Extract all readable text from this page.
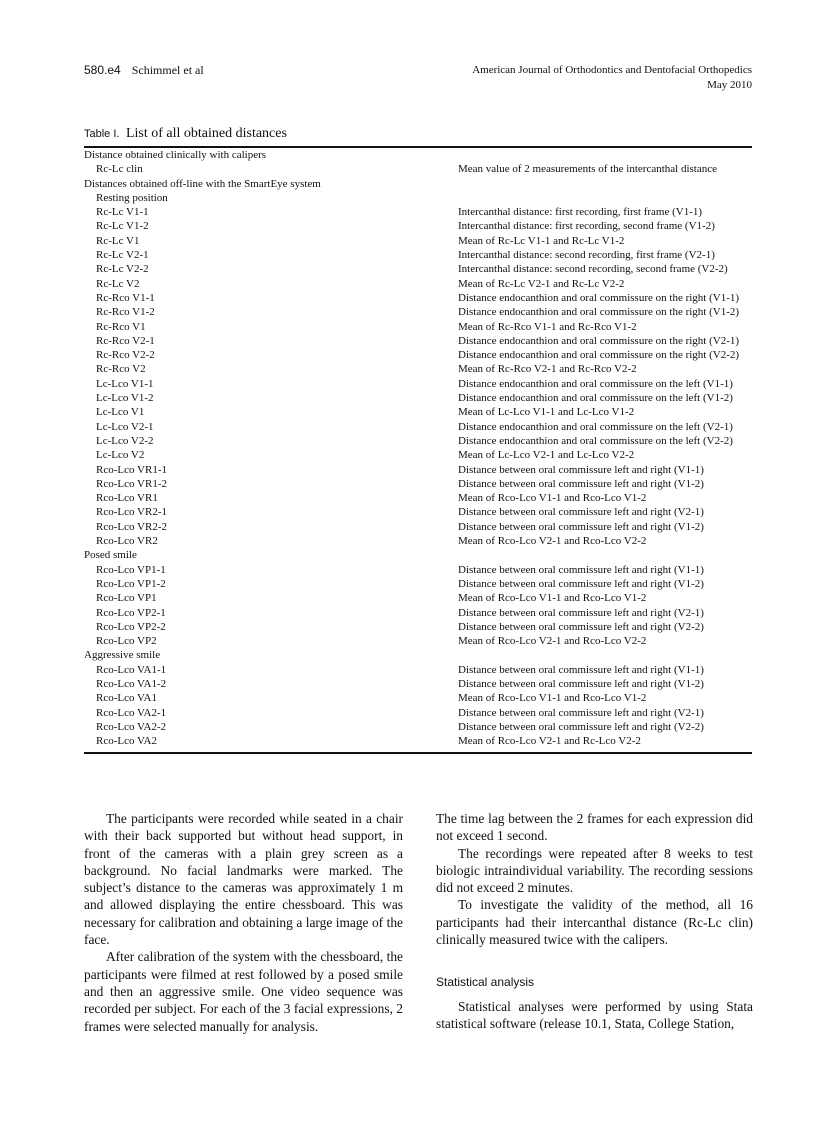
580.e4 Schimmel et al	American Journal of Orthodontics and Dentofacial Orthopedics
May 2010
Table I. List of all obtained distances
Distance obtained clinically with calipers
Rc-Lc clin	Mean value of 2 measurements of the intercanthal distance
Distances obtained off-line with the SmartEye system
Resting position
Rc-Lc V1-1	Intercanthal distance: first recording, first frame (V1-1)
Rc-Lc V1-2	Intercanthal distance: first recording, second frame (V1-2)
Rc-Lc V1	Mean of Rc-Lc V1-1 and Rc-Lc V1-2
Rc-Lc V2-1	Intercanthal distance: second recording, first frame (V2-1)
Rc-Lc V2-2	Intercanthal distance: second recording, second frame (V2-2)
Rc-Lc V2	Mean of Rc-Lc V2-1 and Rc-Lc V2-2
Rc-Rco V1-1	Distance endocanthion and oral commissure on the right (V1-1)
Rc-Rco V1-2	Distance endocanthion and oral commissure on the right (V1-2)
Rc-Rco V1	Mean of Rc-Rco V1-1 and Rc-Rco V1-2
Rc-Rco V2-1	Distance endocanthion and oral commissure on the right (V2-1)
Rc-Rco V2-2	Distance endocanthion and oral commissure on the right (V2-2)
Rc-Rco V2	Mean of Rc-Rco V2-1 and Rc-Rco V2-2
Lc-Lco V1-1	Distance endocanthion and oral commissure on the left (V1-1)
Lc-Lco V1-2	Distance endocanthion and oral commissure on the left (V1-2)
Lc-Lco V1	Mean of Lc-Lco V1-1 and Lc-Lco V1-2
Lc-Lco V2-1	Distance endocanthion and oral commissure on the left (V2-1)
Lc-Lco V2-2	Distance endocanthion and oral commissure on the left (V2-2)
Lc-Lco V2	Mean of Lc-Lco V2-1 and Lc-Lco V2-2
Rco-Lco VR1-1	Distance between oral commissure left and right (V1-1)
Rco-Lco VR1-2	Distance between oral commissure left and right (V1-2)
Rco-Lco VR1	Mean of Rco-Lco V1-1 and Rco-Lco V1-2
Rco-Lco VR2-1	Distance between oral commissure left and right (V2-1)
Rco-Lco VR2-2	Distance between oral commissure left and right (V1-2)
Rco-Lco VR2	Mean of Rco-Lco V2-1 and Rco-Lco V2-2
Posed smile
Rco-Lco VP1-1	Distance between oral commissure left and right (V1-1)
Rco-Lco VP1-2	Distance between oral commissure left and right (V1-2)
Rco-Lco VP1	Mean of Rco-Lco V1-1 and Rco-Lco V1-2
Rco-Lco VP2-1	Distance between oral commissure left and right (V2-1)
Rco-Lco VP2-2	Distance between oral commissure left and right (V2-2)
Rco-Lco VP2	Mean of Rco-Lco V2-1 and Rco-Lco V2-2
Aggressive smile
Rco-Lco VA1-1	Distance between oral commissure left and right (V1-1)
Rco-Lco VA1-2	Distance between oral commissure left and right (V1-2)
Rco-Lco VA1	Mean of Rco-Lco V1-1 and Rco-Lco V1-2
Rco-Lco VA2-1	Distance between oral commissure left and right (V2-1)
Rco-Lco VA2-2	Distance between oral commissure left and right (V2-2)
Rco-Lco VA2	Mean of Rco-Lco V2-1 and Rc-Lco V2-2

The participants were recorded while seated in a chair with their back supported but without head support, in front of the cameras with a plain grey screen as a background. No facial landmarks were marked. The subject’s distance to the cameras was approximately 1 m and allowed displaying the entire chessboard. This was necessary for calibration and obtaining a large image of the face.

After calibration of the system with the chessboard, the participants were filmed at rest followed by a posed smile and then an aggressive smile. One video sequence was recorded per subject. For each of the 3 facial expressions, 2 frames were selected manually for analysis.

The time lag between the 2 frames for each expression did not exceed 1 second.

The recordings were repeated after 8 weeks to test biologic intraindividual variability. The recording sessions did not exceed 2 minutes.

To investigate the validity of the method, all 16 participants had their intercanthal distance (Rc-Lc clin) clinically measured twice with the calipers.

Statistical analysis

Statistical analyses were performed by using Stata statistical software (release 10.1, Stata, College Station,
